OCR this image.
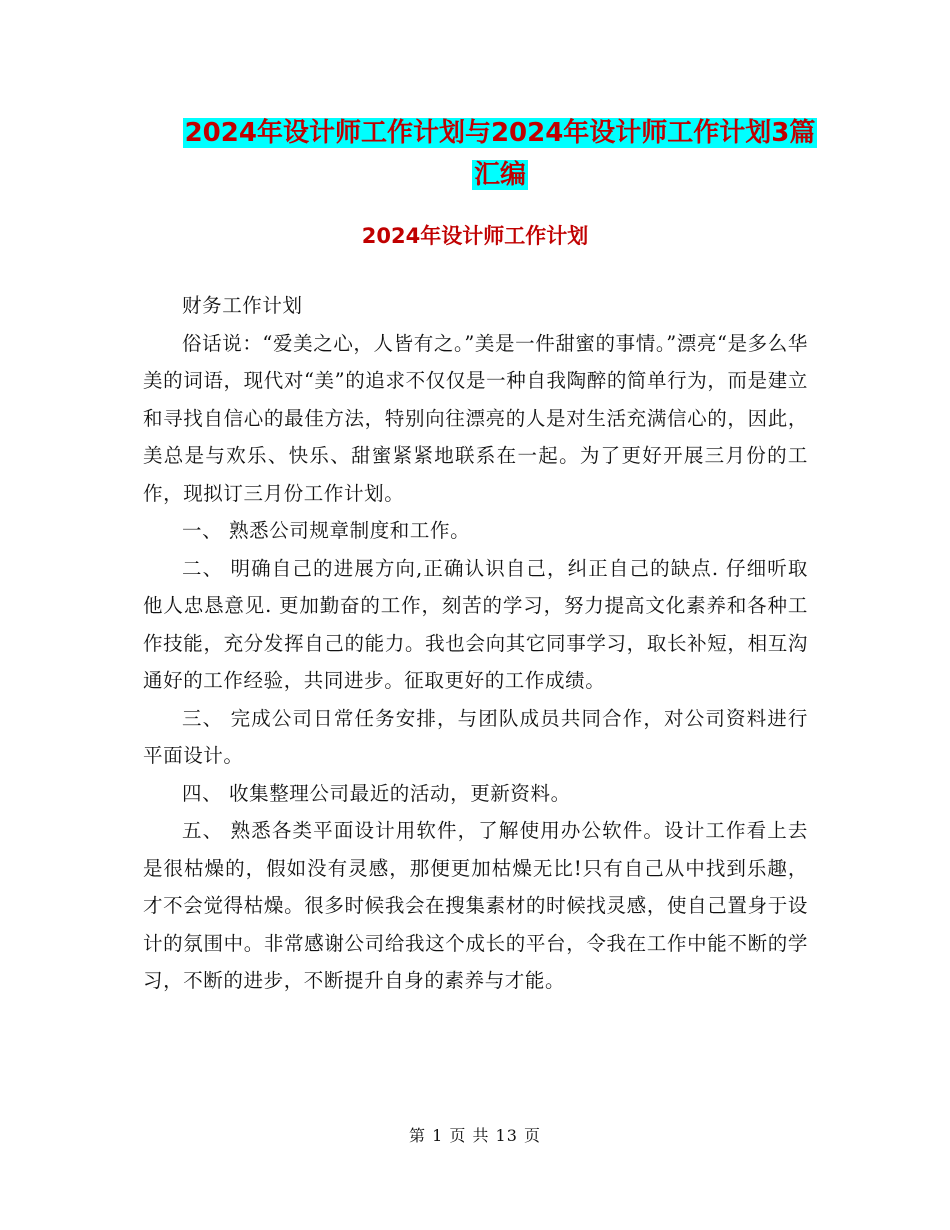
2024年设计师工作计划与2024年设计师工作计划3篇
汇编
2024年设计师工作计划

财务工作计划

俗话说：“爱美之心，人皆有之。”美是一件甜蜜的事情。”漂亮“是多么华美的词语，现代对“美”的追求不仅仅是一种自我陶醉的简单行为，而是建立和寻找自信心的最佳方法，特别向往漂亮的人是对生活充满信心的，因此，美总是与欢乐、快乐、甜蜜紧紧地联系在一起。为了更好开展三月份的工作，现拟订三月份工作计划。

一、 熟悉公司规章制度和工作。

二、 明确自己的进展方向,正确认识自己，纠正自己的缺点. 仔细听取他人忠恳意见. 更加勤奋的工作，刻苦的学习，努力提高文化素养和各种工作技能，充分发挥自己的能力。我也会向其它同事学习，取长补短，相互沟通好的工作经验，共同进步。征取更好的工作成绩。

三、 完成公司日常任务安排，与团队成员共同合作，对公司资料进行平面设计。

四、 收集整理公司最近的活动，更新资料。

五、 熟悉各类平面设计用软件，了解使用办公软件。设计工作看上去是很枯燥的，假如没有灵感，那便更加枯燥无比!只有自己从中找到乐趣，才不会觉得枯燥。很多时候我会在搜集素材的时候找灵感，使自己置身于设计的氛围中。非常感谢公司给我这个成长的平台，令我在工作中能不断的学习，不断的进步，不断提升自身的素养与才能。

第 1 页 共 13 页
